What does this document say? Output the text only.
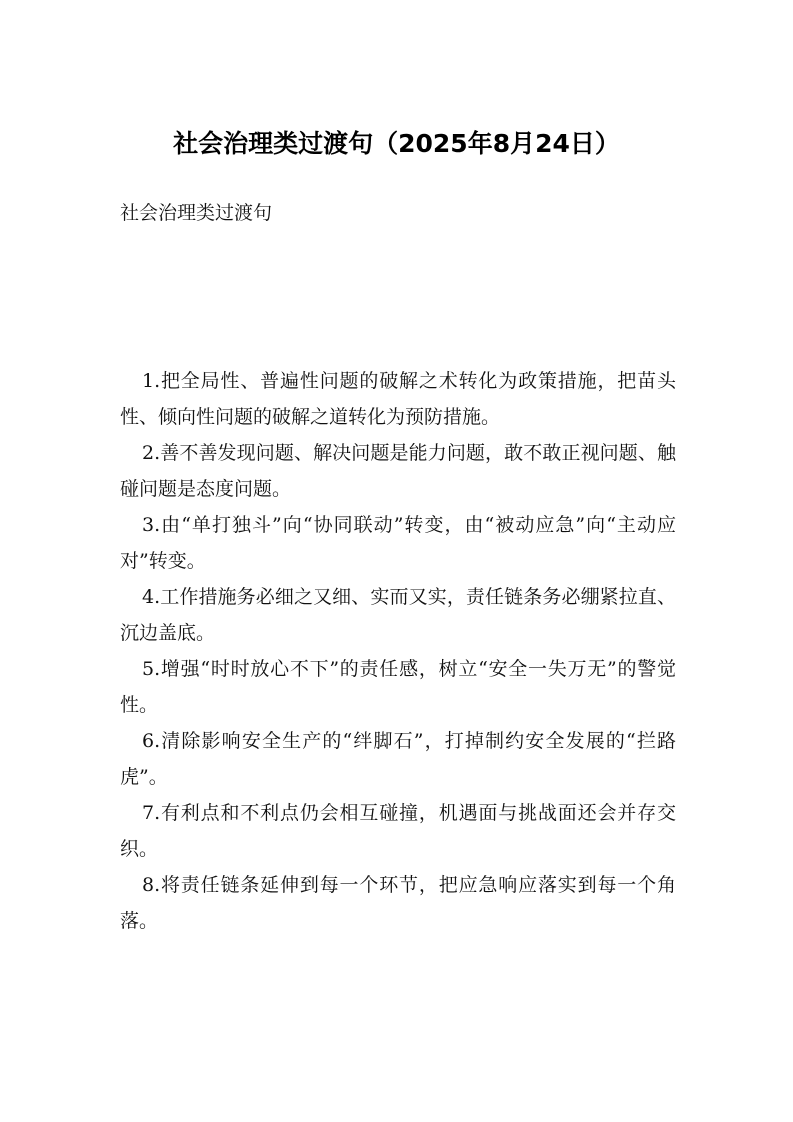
社会治理类过渡句（2025年8月24日）

社会治理类过渡句

1.把全局性、普遍性问题的破解之术转化为政策措施，把苗头性、倾向性问题的破解之道转化为预防措施。
2.善不善发现问题、解决问题是能力问题，敢不敢正视问题、触碰问题是态度问题。
3.由“单打独斗”向“协同联动”转变，由“被动应急”向“主动应对”转变。
4.工作措施务必细之又细、实而又实，责任链条务必绷紧拉直、沉边盖底。
5.增强“时时放心不下”的责任感，树立“安全一失万无”的警觉性。
6.清除影响安全生产的“绊脚石”，打掉制约安全发展的“拦路虎”。
7.有利点和不利点仍会相互碰撞，机遇面与挑战面还会并存交织。
8.将责任链条延伸到每一个环节，把应急响应落实到每一个角落。
